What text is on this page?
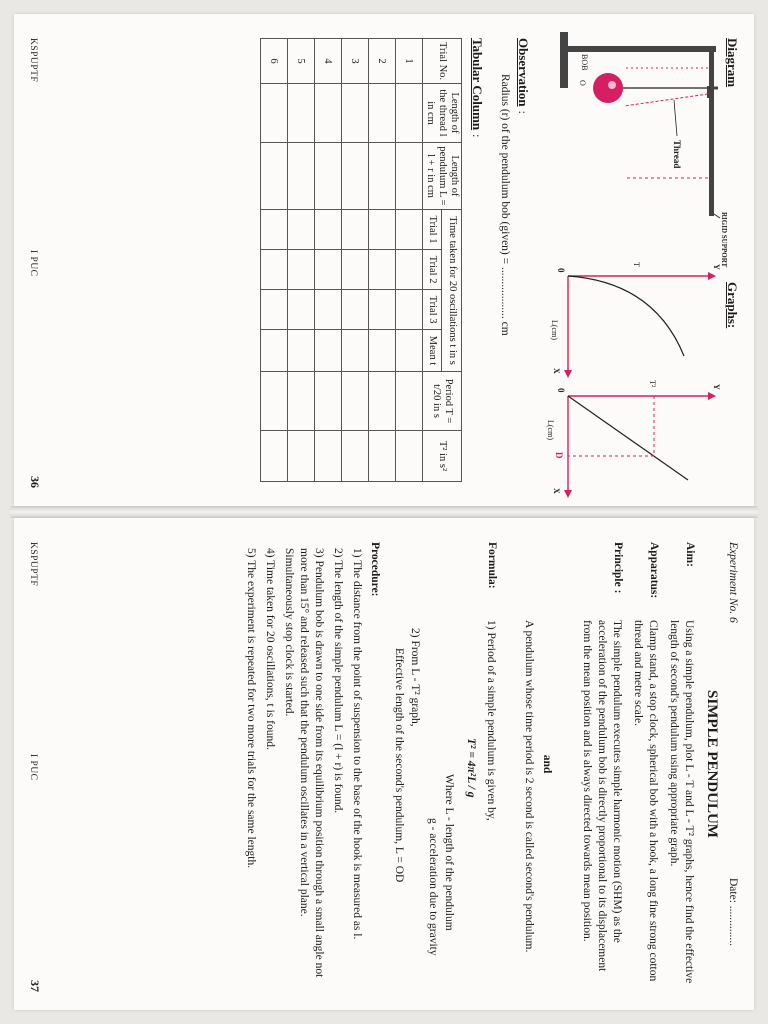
Diagram
Graphs:
Thread
RIGID SUPPORT
BOB
O
0
Y
X
T
L(cm)
0
Y
X
T²
D
L(cm)
Observation :
Radius (r) of the pendulum bob (given) = .................. cm
Tabular Column :
Trial No.	Length of the thread l in cm	Length of pendulum L = l + r in cm	Time taken for 20 oscillations t in s				Period T = t/20 in s	T² in s²
			Trial 1	Trial 2	Trial 3	Mean t		
1								
2								
3								
4								
5								
6								
KSPUPTF
I PUC
36
Experiment No. 6
Date: ..............
SIMPLE PENDULUM
Aim:
Using a simple pendulum, plot L - T and L - T² graphs, hence find the effective length of second's pendulum using appropriate graph.
Apparatus:
Clamp stand, a stop clock, spherical bob with a hook, a long fine strong cotton thread and metre scale.
Principle :
The simple pendulum executes simple harmonic motion (SHM) as the acceleration of the pendulum bob is directly proportional to its displacement from the mean position and is always directed towards mean position.
and
A pendulum whose time period is 2 second is called second's pendulum.
Formula:
1) Period of a simple pendulum is given by,
T² = 4π²L / g
Where L - length of the pendulum
g - acceleration due to gravity
2) From L - T² graph,
Effective length of the second's pendulum, L = OD
Procedure:
1) The distance from the point of suspension to the base of the hook is measured as l.
2) The length of the simple pendulum L = (l + r) is found.
3) Pendulum bob is drawn to one side from its equilibrium position through a small angle not more than 15° and released such that the pendulum oscillates in a vertical plane. Simultaneously stop clock is started.
4) Time taken for 20 oscillations, t is found.
5) The experiment is repeated for two more trials for the same length.
KSPUPTF
I PUC
37
